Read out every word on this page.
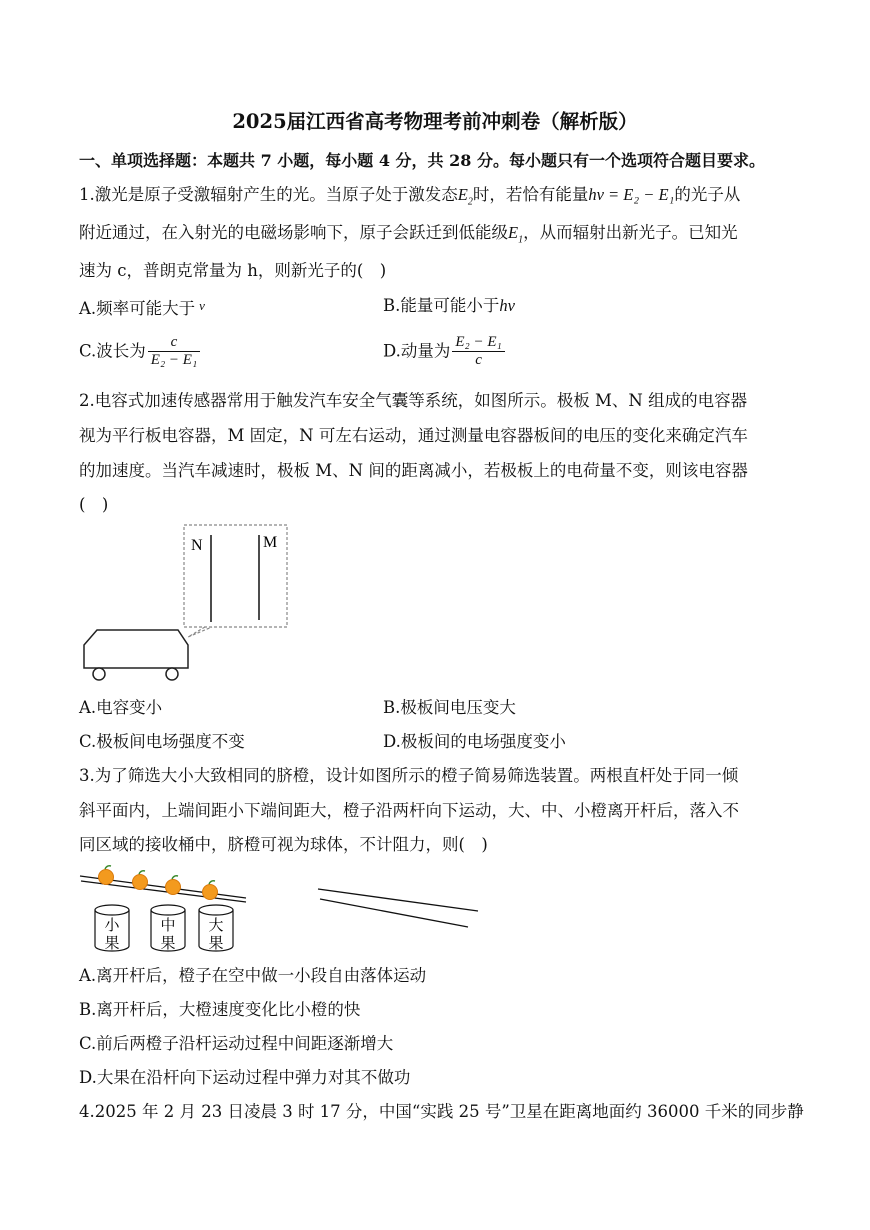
2025届江西省高考物理考前冲刺卷（解析版）
一、单项选择题：本题共 7 小题，每小题 4 分，共 28 分。每小题只有一个选项符合题目要求。
1.激光是原子受激辐射产生的光。当原子处于激发态$E_2$时，若恰有能量hν = E₂ − E₁的光子从
附近通过，在入射光的电磁场影响下，原子会跃迁到低能级$E_1$，从而辐射出新光子。已知光
速为 c，普朗克常量为 h，则新光子的(　)
A.频率可能大于 $^\nu$	B.能量可能小于hν
C.波长为 $\frac{c}{\text{E₂ − E₁}}$	D.动量为 $\frac{\text{E₂ − E₁}}{c}$
2.电容式加速传感器常用于触发汽车安全气囊等系统，如图所示。极板 M、N 组成的电容器
视为平行板电容器，M 固定，N 可左右运动，通过测量电容器板间的电压的变化来确定汽车
的加速度。当汽车减速时，极板 M、N 间的距离减小，若极板上的电荷量不变，则该电容器
(　)
N	M
A.电容变小	B.极板间电压变大
C.极板间电场强度不变	D.极板间的电场强度变小
3.为了筛选大小大致相同的脐橙，设计如图所示的橙子简易筛选装置。两根直杆处于同一倾
斜平面内，上端间距小下端间距大，橙子沿两杆向下运动，大、中、小橙离开杆后，落入不
同区域的接收桶中，脐橙可视为球体，不计阻力，则(　)
小
果
中
果
大
果
A.离开杆后，橙子在空中做一小段自由落体运动
B.离开杆后，大橙速度变化比小橙的快
C.前后两橙子沿杆运动过程中间距逐渐增大
D.大果在沿杆向下运动过程中弹力对其不做功
4.2025 年 2 月 23 日凌晨 3 时 17 分，中国“实践 25 号”卫星在距离地面约 36000 千米的同步静
